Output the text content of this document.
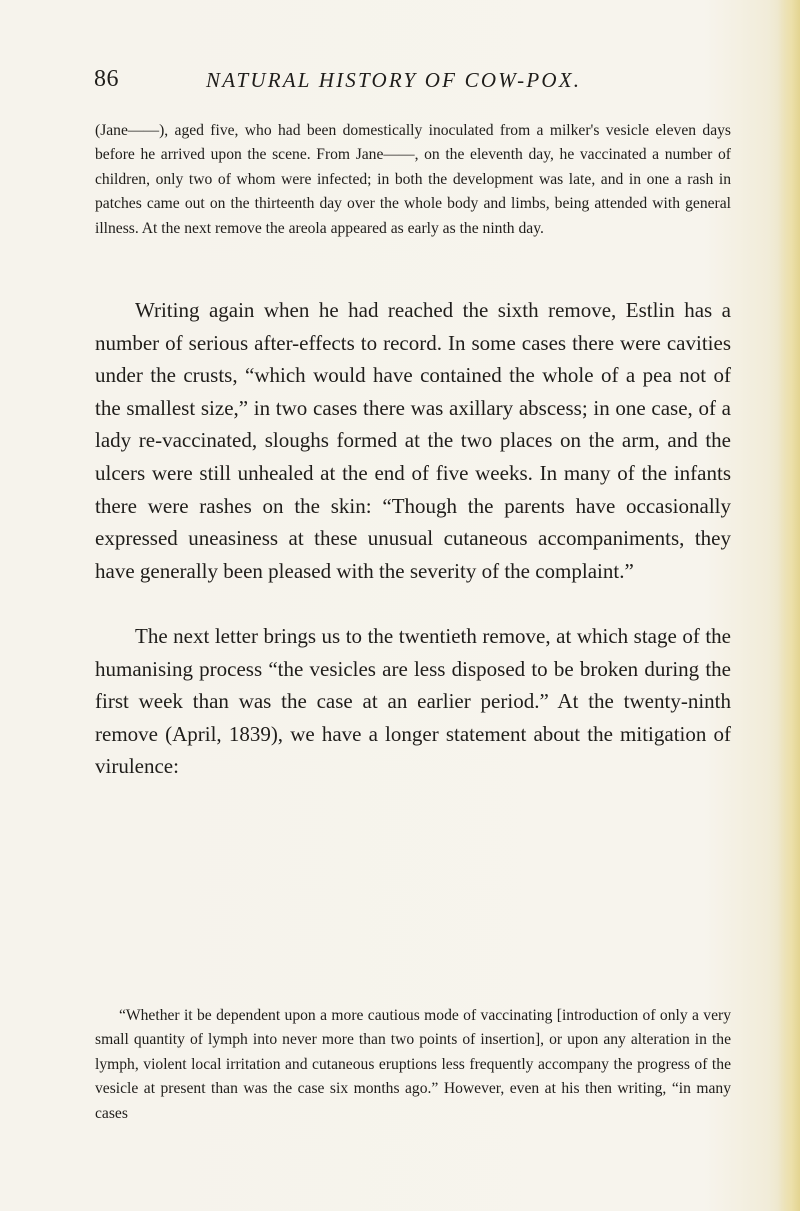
86	NATURAL HISTORY OF COW-POX.

(Jane——), aged five, who had been domestically inoculated from a milker's vesicle eleven days before he arrived upon the scene. From Jane——, on the eleventh day, he vaccinated a number of children, only two of whom were infected; in both the development was late, and in one a rash in patches came out on the thirteenth day over the whole body and limbs, being attended with general illness. At the next remove the areola appeared as early as the ninth day.

Writing again when he had reached the sixth remove, Estlin has a number of serious after-effects to record. In some cases there were cavities under the crusts, “which would have contained the whole of a pea not of the smallest size,” in two cases there was axillary abscess; in one case, of a lady re-vaccinated, sloughs formed at the two places on the arm, and the ulcers were still unhealed at the end of five weeks. In many of the infants there were rashes on the skin: “Though the parents have occasionally expressed uneasiness at these unusual cutaneous accompaniments, they have generally been pleased with the severity of the complaint.”

The next letter brings us to the twentieth remove, at which stage of the humanising process “the vesicles are less disposed to be broken during the first week than was the case at an earlier period.” At the twenty-ninth remove (April, 1839), we have a longer statement about the mitigation of virulence:

“Whether it be dependent upon a more cautious mode of vaccinating [introduction of only a very small quantity of lymph into never more than two points of insertion], or upon any alteration in the lymph, violent local irritation and cutaneous eruptions less frequently accompany the progress of the vesicle at present than was the case six months ago.” However, even at his then writing, “in many cases
